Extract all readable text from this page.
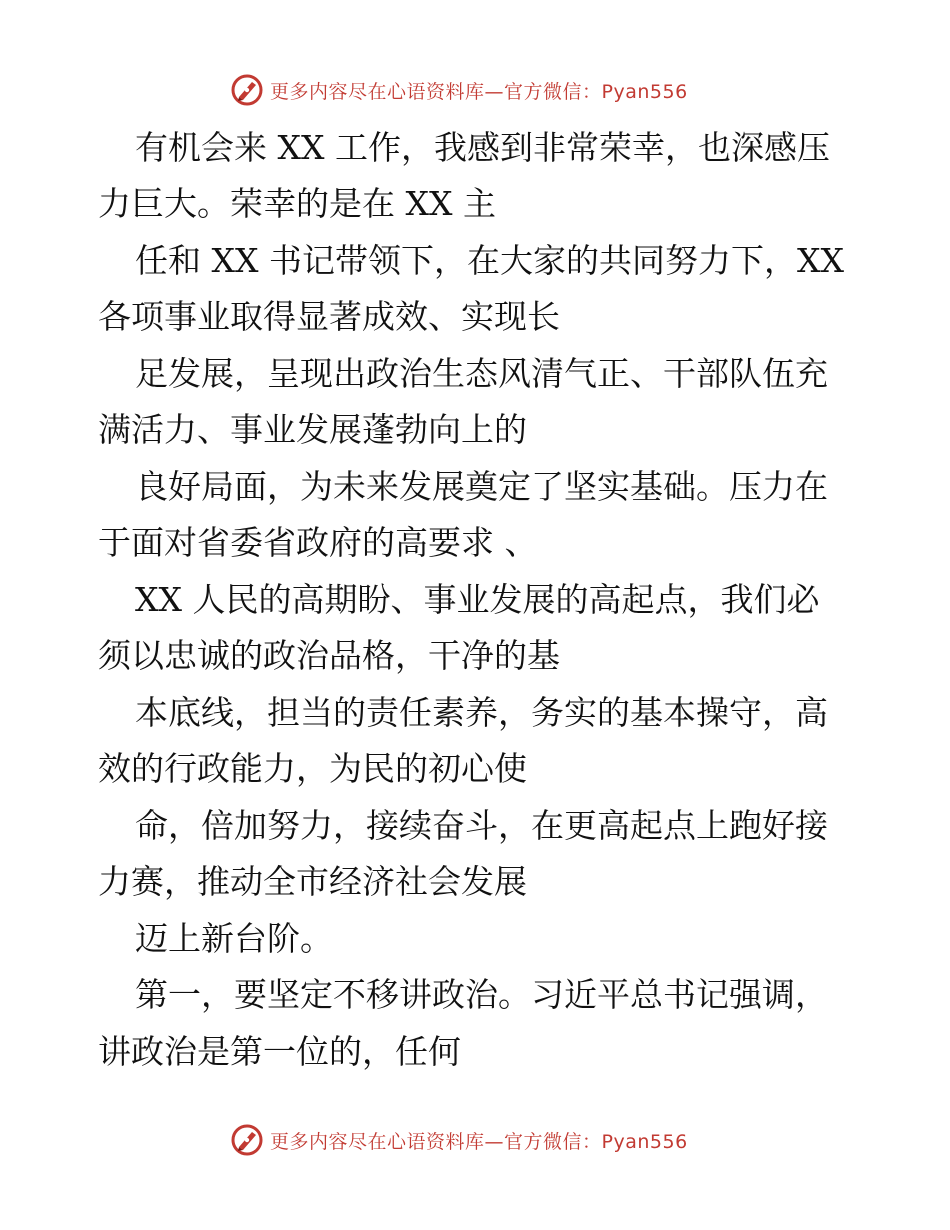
更多内容尽在心语资料库—官方微信：Pyan556
有机会来 XX 工作，我感到非常荣幸，也深感压
力巨大。荣幸的是在 XX 主
任和 XX 书记带领下，在大家的共同努力下，XX
各项事业取得显著成效、实现长
足发展，呈现出政治生态风清气正、干部队伍充
满活力、事业发展蓬勃向上的
良好局面，为未来发展奠定了坚实基础。压力在
于面对省委省政府的高要求 、
XX 人民的高期盼、事业发展的高起点，我们必
须以忠诚的政治品格，干净的基
本底线，担当的责任素养，务实的基本操守，高
效的行政能力，为民的初心使
命，倍加努力，接续奋斗，在更高起点上跑好接
力赛，推动全市经济社会发展
迈上新台阶。
第一，要坚定不移讲政治。习近平总书记强调，
讲政治是第一位的，任何
更多内容尽在心语资料库—官方微信：Pyan556
